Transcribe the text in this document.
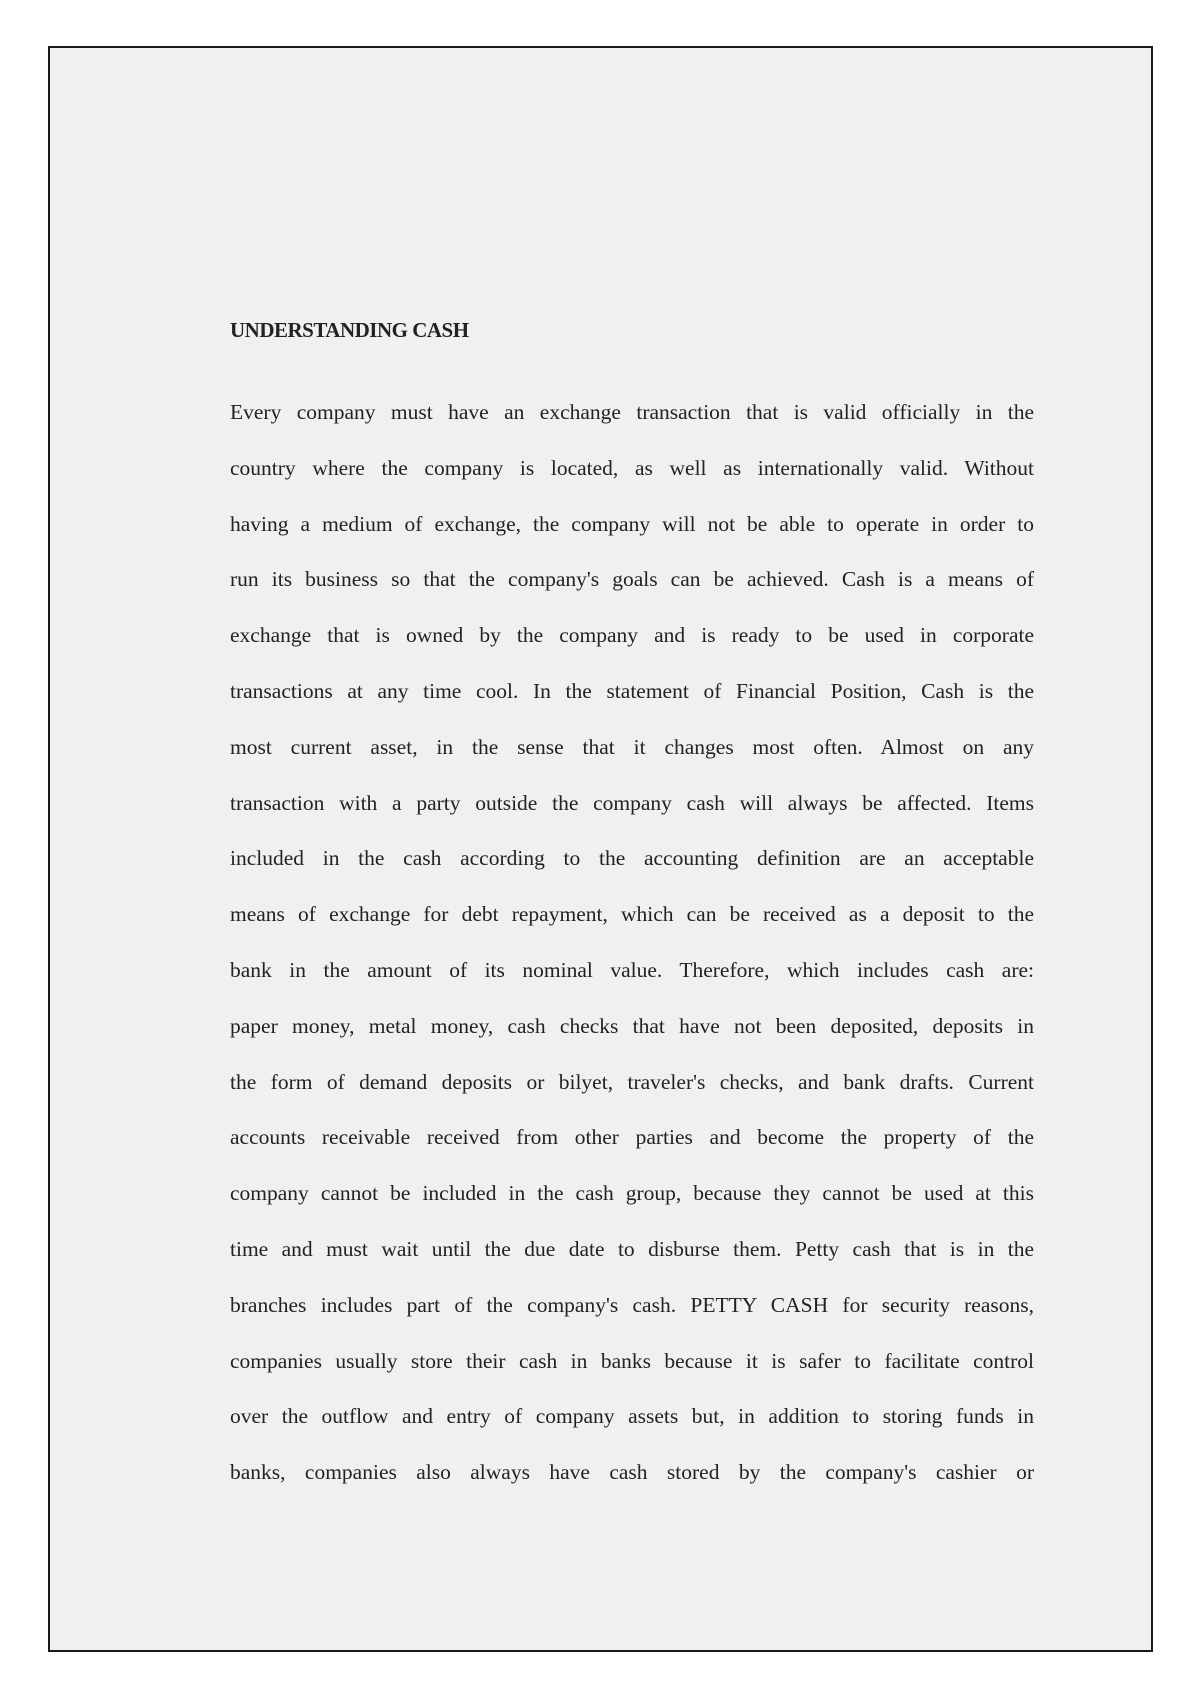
UNDERSTANDING CASH
Every company must have an exchange transaction that is valid officially in the
country where the company is located, as well as internationally valid. Without
having a medium of exchange, the company will not be able to operate in order to
run its business so that the company's goals can be achieved. Cash is a means of
exchange that is owned by the company and is ready to be used in corporate
transactions at any time cool. In the statement of Financial Position, Cash is the
most current asset, in the sense that it changes most often. Almost on any
transaction with a party outside the company cash will always be affected. Items
included in the cash according to the accounting definition are an acceptable
means of exchange for debt repayment, which can be received as a deposit to the
bank in the amount of its nominal value. Therefore, which includes cash are:
paper money, metal money, cash checks that have not been deposited, deposits in
the form of demand deposits or bilyet, traveler's checks, and bank drafts. Current
accounts receivable received from other parties and become the property of the
company cannot be included in the cash group, because they cannot be used at this
time and must wait until the due date to disburse them. Petty cash that is in the
branches includes part of the company's cash. PETTY CASH for security reasons,
companies usually store their cash in banks because it is safer to facilitate control
over the outflow and entry of company assets but, in addition to storing funds in
banks, companies also always have cash stored by the company's cashier or
